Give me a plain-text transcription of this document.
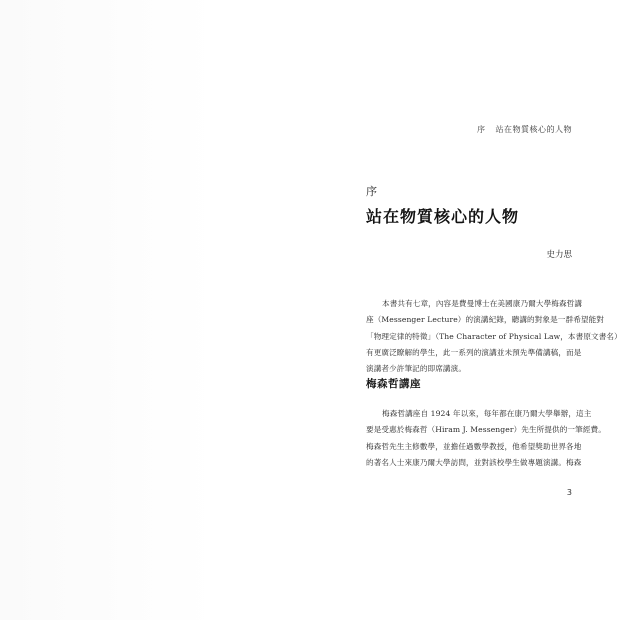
序 站在物質核心的人物
序
站在物質核心的人物
史力思
本書共有七章，內容是費曼博士在美國康乃爾大學梅森哲講
座（Messenger Lecture）的演講紀錄，聽講的對象是一群希望能對
「物理定律的特徵」（The Character of Physical Law，本書原文書名）
有更廣泛瞭解的學生，此一系列的演講並未預先準備講稿，而是
演講者少許筆記的即席講演。
梅森哲講座
梅森哲講座自 1924 年以來，每年都在康乃爾大學舉辦，這主
要是受惠於梅森哲（Hiram J. Messenger）先生所提供的一筆經費。
梅森哲先生主修數學，並擔任過數學教授，他希望獎助世界各地
的著名人士來康乃爾大學訪問，並對該校學生做專題演講。梅森
3
